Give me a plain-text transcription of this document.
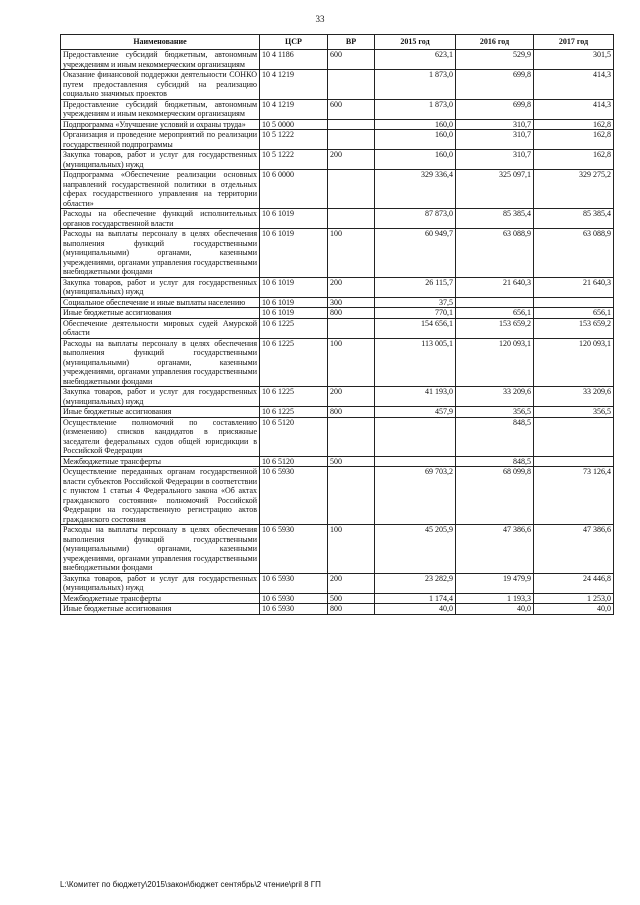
33
Наименование	ЦСР	ВР	2015 год	2016 год	2017 год
Предоставление субсидий бюджетным, автономным учреждениям и иным некоммерческим организациям	10 4 1186	600	623,1	529,9	301,5
Оказание финансовой поддержки деятельности СОНКО путем предоставления субсидий на реализацию социально значимых проектов	10 4 1219		1 873,0	699,8	414,3
Предоставление субсидий бюджетным, автономным учреждениям и иным некоммерческим организациям	10 4 1219	600	1 873,0	699,8	414,3
Подпрограмма «Улучшение условий и охраны труда»	10 5 0000		160,0	310,7	162,8
Организация и проведение мероприятий по реализации государственной подпрограммы	10 5 1222		160,0	310,7	162,8
Закупка товаров, работ и услуг для государственных (муниципальных) нужд	10 5 1222	200	160,0	310,7	162,8
Подпрограмма «Обеспечение реализации основных направлений государственной политики в отдельных сферах государственного управления на территории области»	10 6 0000		329 336,4	325 097,1	329 275,2
Расходы на обеспечение функций исполнительных органов государственной власти	10 6 1019		87 873,0	85 385,4	85 385,4
Расходы на выплаты персоналу в целях обеспечения выполнения функций государственными (муниципальными) органами, казенными учреждениями, органами управления государственными внебюджетными фондами	10 6 1019	100	60 949,7	63 088,9	63 088,9
Закупка товаров, работ и услуг для государственных (муниципальных) нужд	10 6 1019	200	26 115,7	21 640,3	21 640,3
Социальное обеспечение и иные выплаты населению	10 6 1019	300	37,5		
Иные бюджетные ассигнования	10 6 1019	800	770,1	656,1	656,1
Обеспечение деятельности мировых судей Амурской области	10 6 1225		154 656,1	153 659,2	153 659,2
Расходы на выплаты персоналу в целях обеспечения выполнения функций государственными (муниципальными) органами, казенными учреждениями, органами управления государственными внебюджетными фондами	10 6 1225	100	113 005,1	120 093,1	120 093,1
Закупка товаров, работ и услуг для государственных (муниципальных) нужд	10 6 1225	200	41 193,0	33 209,6	33 209,6
Иные бюджетные ассигнования	10 6 1225	800	457,9	356,5	356,5
Осуществление полномочий по составлению (изменению) списков кандидатов в присяжные заседатели федеральных судов общей юрисдикции в Российской Федерации	10 6 5120			848,5	
Межбюджетные трансферты	10 6 5120	500		848,5	
Осуществление переданных органам государственной власти субъектов Российской Федерации в соответствии с пунктом 1 статьи 4 Федерального закона «Об актах гражданского состояния» полномочий Российской Федерации на государственную регистрацию актов гражданского состояния	10 6 5930		69 703,2	68 099,8	73 126,4
Расходы на выплаты персоналу в целях обеспечения выполнения функций государственными (муниципальными) органами, казенными учреждениями, органами управления государственными внебюджетными фондами	10 6 5930	100	45 205,9	47 386,6	47 386,6
Закупка товаров, работ и услуг для государственных (муниципальных) нужд	10 6 5930	200	23 282,9	19 479,9	24 446,8
Межбюджетные трансферты	10 6 5930	500	1 174,4	1 193,3	1 253,0
Иные бюджетные ассигнования	10 6 5930	800	40,0	40,0	40,0
L:\Комитет по бюджету\2015\закон\бюджет сентябрь\2 чтение\pril 8 ГП
